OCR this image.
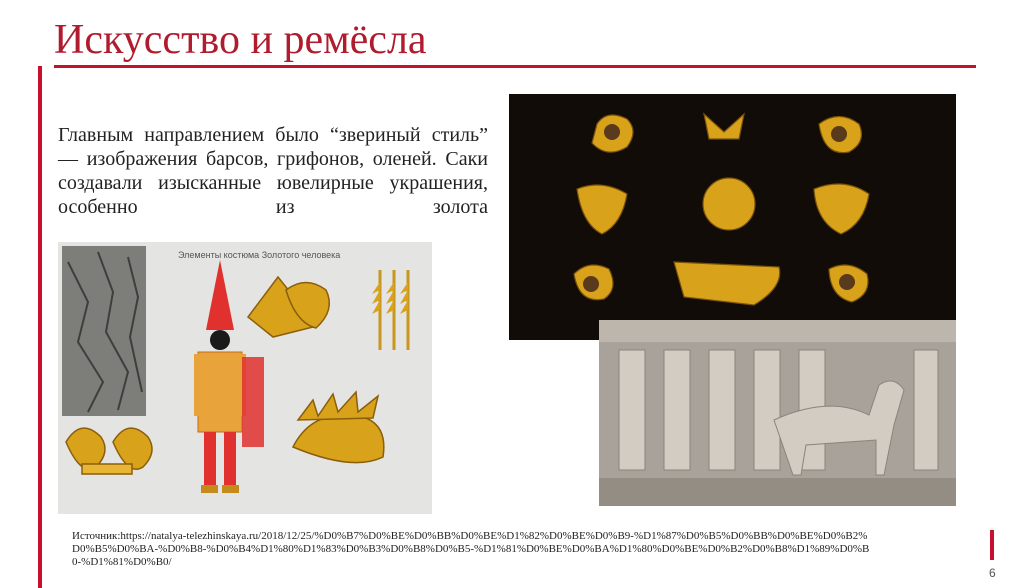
Искусство и ремёсла
Главным направлением было “звериный стиль” — изображения барсов, грифонов, оленей. Саки создавали изысканные ювелирные украшения, особенно из золота
Элементы костюма Золотого человека
Источник:https://natalya-telezhinskaya.ru/2018/12/25/%D0%B7%D0%BE%D0%BB%D0%BE%D1%82%D0%BE%D0%B9-%D1%87%D0%B5%D0%BB%D0%BE%D0%B2%D0%B5%D0%BA-%D0%B8-%D0%B4%D1%80%D1%83%D0%B3%D0%B8%D0%B5-%D1%81%D0%BE%D0%BA%D1%80%D0%BE%D0%B2%D0%B8%D1%89%D0%B0-%D1%81%D0%B0/
6
